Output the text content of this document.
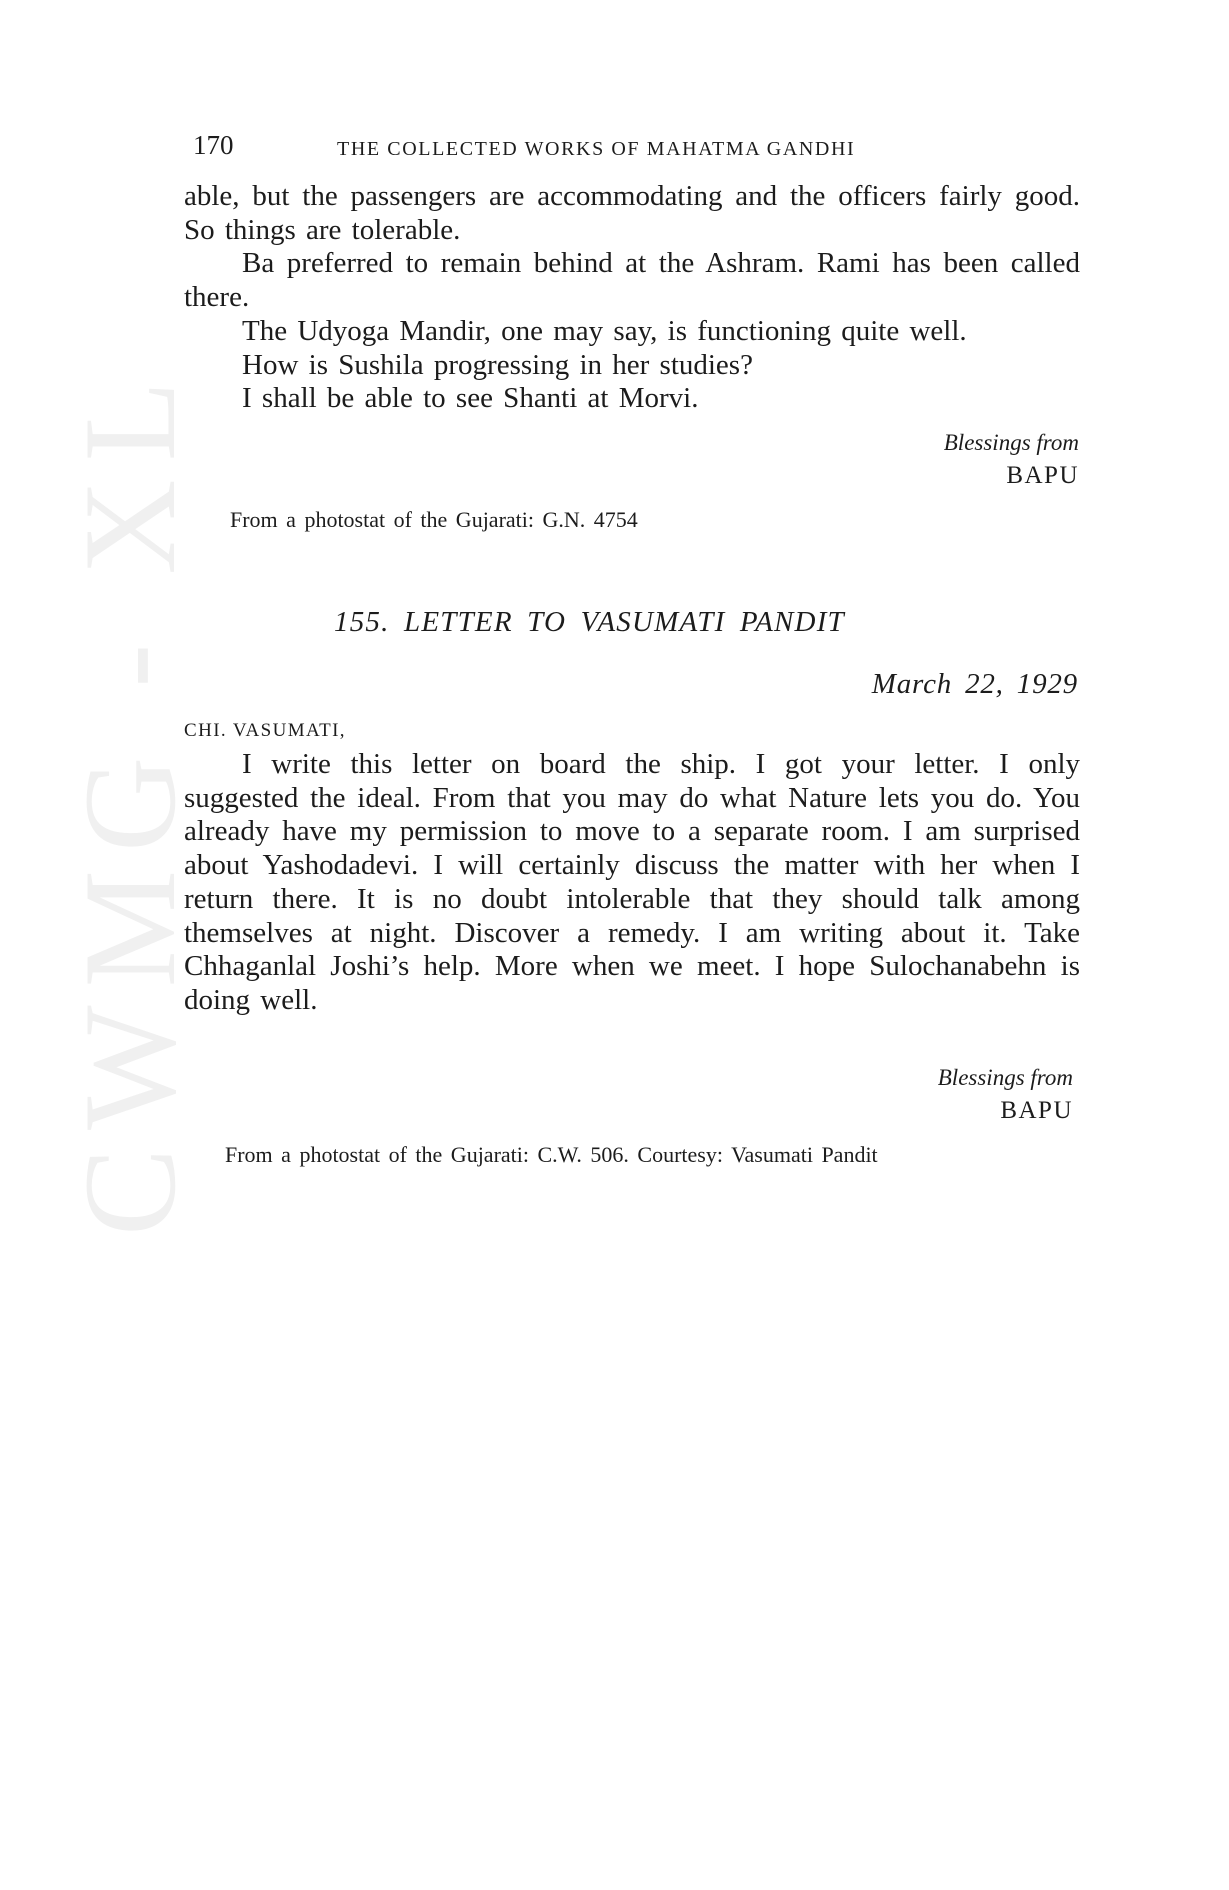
CWMG - XL
170	THE COLLECTED WORKS OF MAHATMA GANDHI

able, but the passengers are accommodating and the officers fairly good. So things are tolerable.

Ba preferred to remain behind at the Ashram. Rami has been called there.

The Udyoga Mandir, one may say, is functioning quite well.

How is Sushila progressing in her studies?

I shall be able to see Shanti at Morvi.

Blessings from
BAPU
From a photostat of the Gujarati: G.N. 4754
155. LETTER TO VASUMATI PANDIT
March 22, 1929
CHI. VASUMATI,

I write this letter on board the ship. I got your letter. I only suggested the ideal. From that you may do what Nature lets you do. You already have my permission to move to a separate room. I am surprised about Yashodadevi. I will certainly discuss the matter with her when I return there. It is no doubt intolerable that they should talk among themselves at night. Discover a remedy. I am writing about it. Take Chhaganlal Joshi’s help. More when we meet. I hope Sulochanabehn is doing well.

Blessings from
BAPU
From a photostat of the Gujarati: C.W. 506. Courtesy: Vasumati Pandit
